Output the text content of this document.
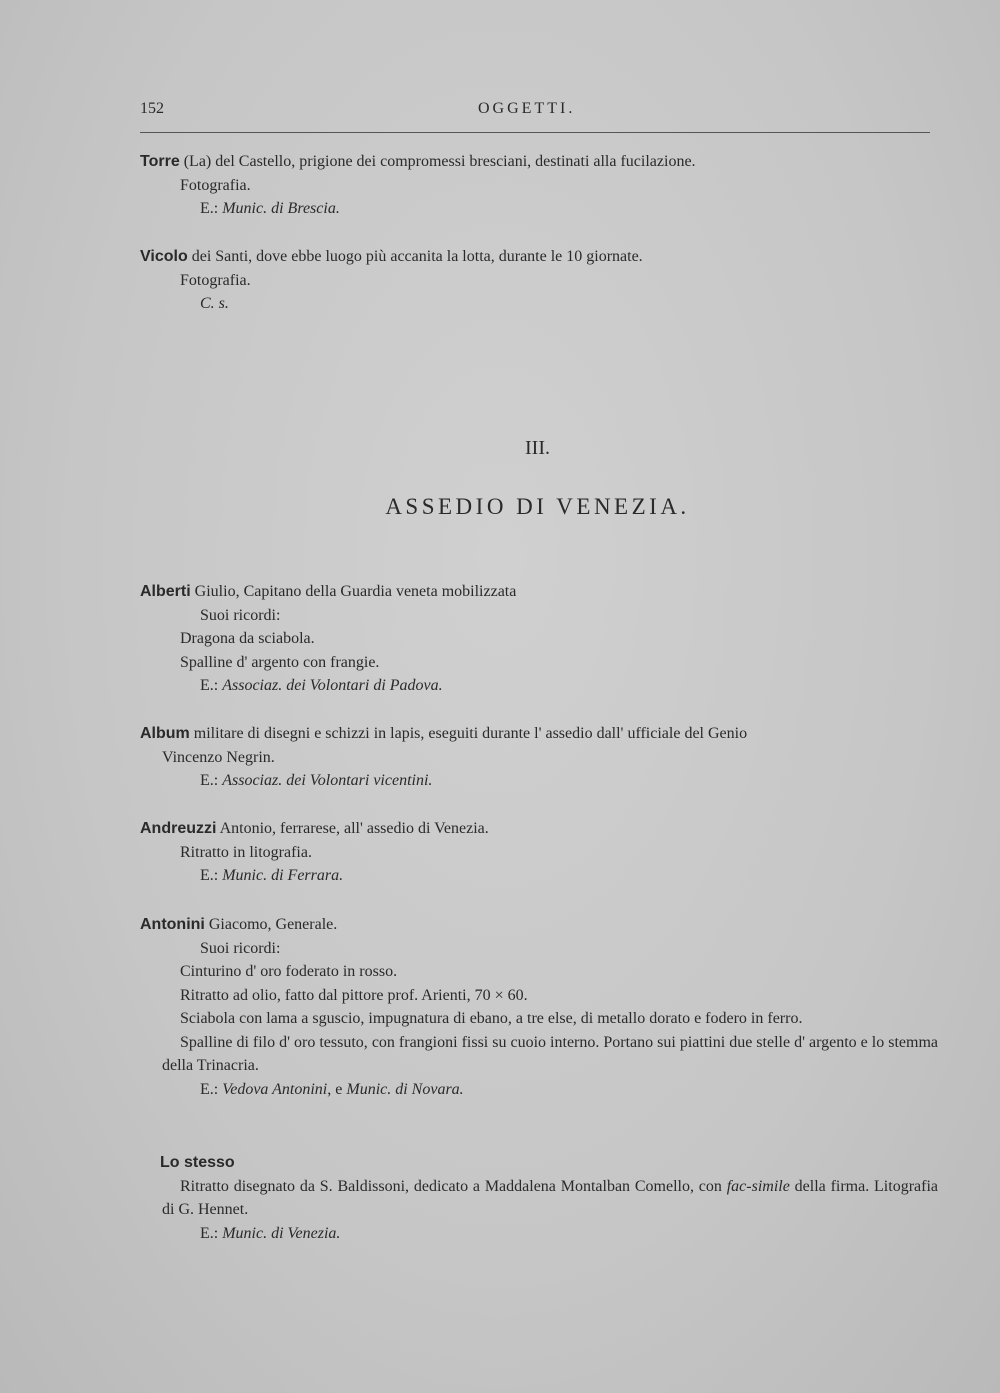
152	OGGETTI.
Torre (La) del Castello, prigione dei compromessi bresciani, destinati alla fucilazione.
Fotografia.
E.: Munic. di Brescia.
Vicolo dei Santi, dove ebbe luogo più accanita la lotta, durante le 10 giornate.
Fotografia.
C. s.
III.
ASSEDIO DI VENEZIA.
Alberti Giulio, Capitano della Guardia veneta mobilizzata
Suoi ricordi:
Dragona da sciabola.
Spalline d' argento con frangie.
E.: Associaz. dei Volontari di Padova.
Album militare di disegni e schizzi in lapis, eseguiti durante l' assedio dall' ufficiale del Genio
Vincenzo Negrin.
E.: Associaz. dei Volontari vicentini.
Andreuzzi Antonio, ferrarese, all' assedio di Venezia.
Ritratto in litografia.
E.: Munic. di Ferrara.
Antonini Giacomo, Generale.
Suoi ricordi:
Cinturino d' oro foderato in rosso.
Ritratto ad olio, fatto dal pittore prof. Arienti, 70 × 60.
Sciabola con lama a sguscio, impugnatura di ebano, a tre else, di metallo dorato e fodero in ferro.
Spalline di filo d' oro tessuto, con frangioni fissi su cuoio interno. Portano sui piattini due stelle d' argento e lo stemma della Trinacria.
E.: Vedova Antonini, e Munic. di Novara.
Lo stesso
Ritratto disegnato da S. Baldissoni, dedicato a Maddalena Montalban Comello, con fac-simile della firma. Litografia di G. Hennet.
E.: Munic. di Venezia.
